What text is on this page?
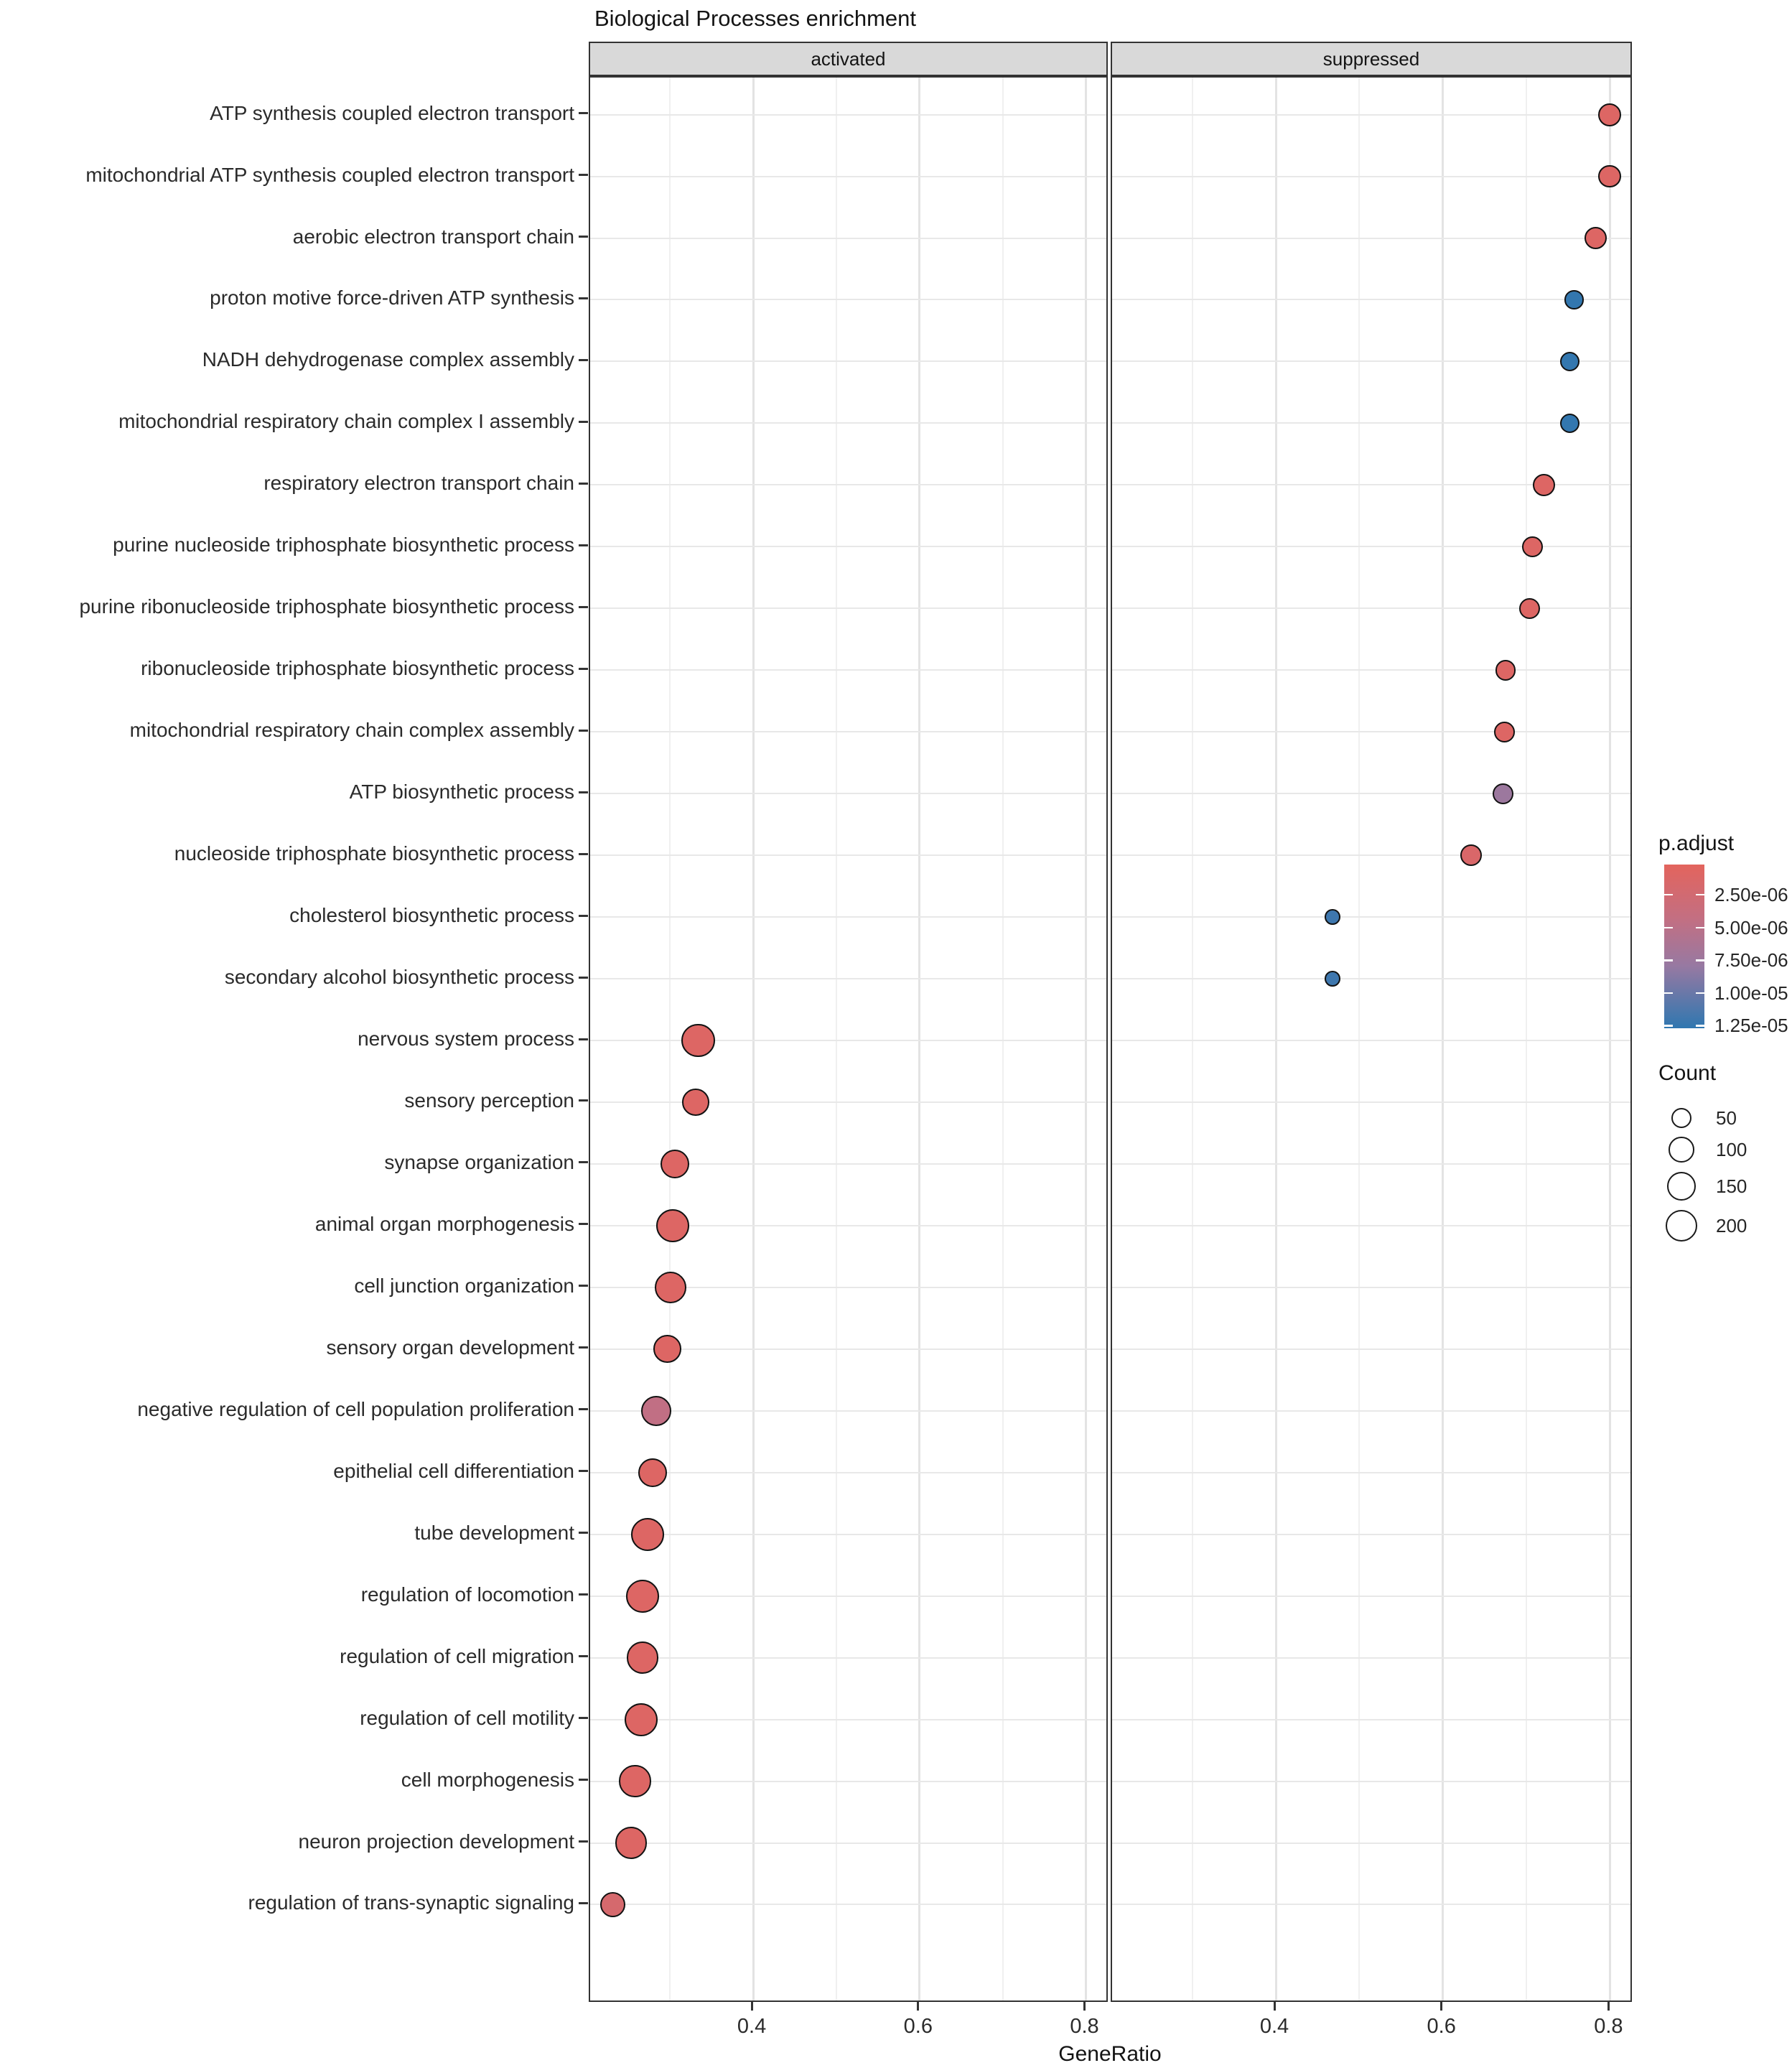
Biological Processes enrichment
activated	suppressed
ATP synthesis coupled electron transport
mitochondrial ATP synthesis coupled electron transport
aerobic electron transport chain
proton motive force-driven ATP synthesis
NADH dehydrogenase complex assembly
mitochondrial respiratory chain complex I assembly
respiratory electron transport chain
purine nucleoside triphosphate biosynthetic process
purine ribonucleoside triphosphate biosynthetic process
ribonucleoside triphosphate biosynthetic process
mitochondrial respiratory chain complex assembly
ATP biosynthetic process
nucleoside triphosphate biosynthetic process
cholesterol biosynthetic process
secondary alcohol biosynthetic process
nervous system process
sensory perception
synapse organization
animal organ morphogenesis
cell junction organization
sensory organ development
negative regulation of cell population proliferation
epithelial cell differentiation
tube development
regulation of locomotion
regulation of cell migration
regulation of cell motility
cell morphogenesis
neuron projection development
regulation of trans-synaptic signaling
0.4	0.6	0.8	0.4	0.6	0.8
GeneRatio
p.adjust
2.50e-06
5.00e-06
7.50e-06
1.00e-05
1.25e-05
50
100
150
200
Count
